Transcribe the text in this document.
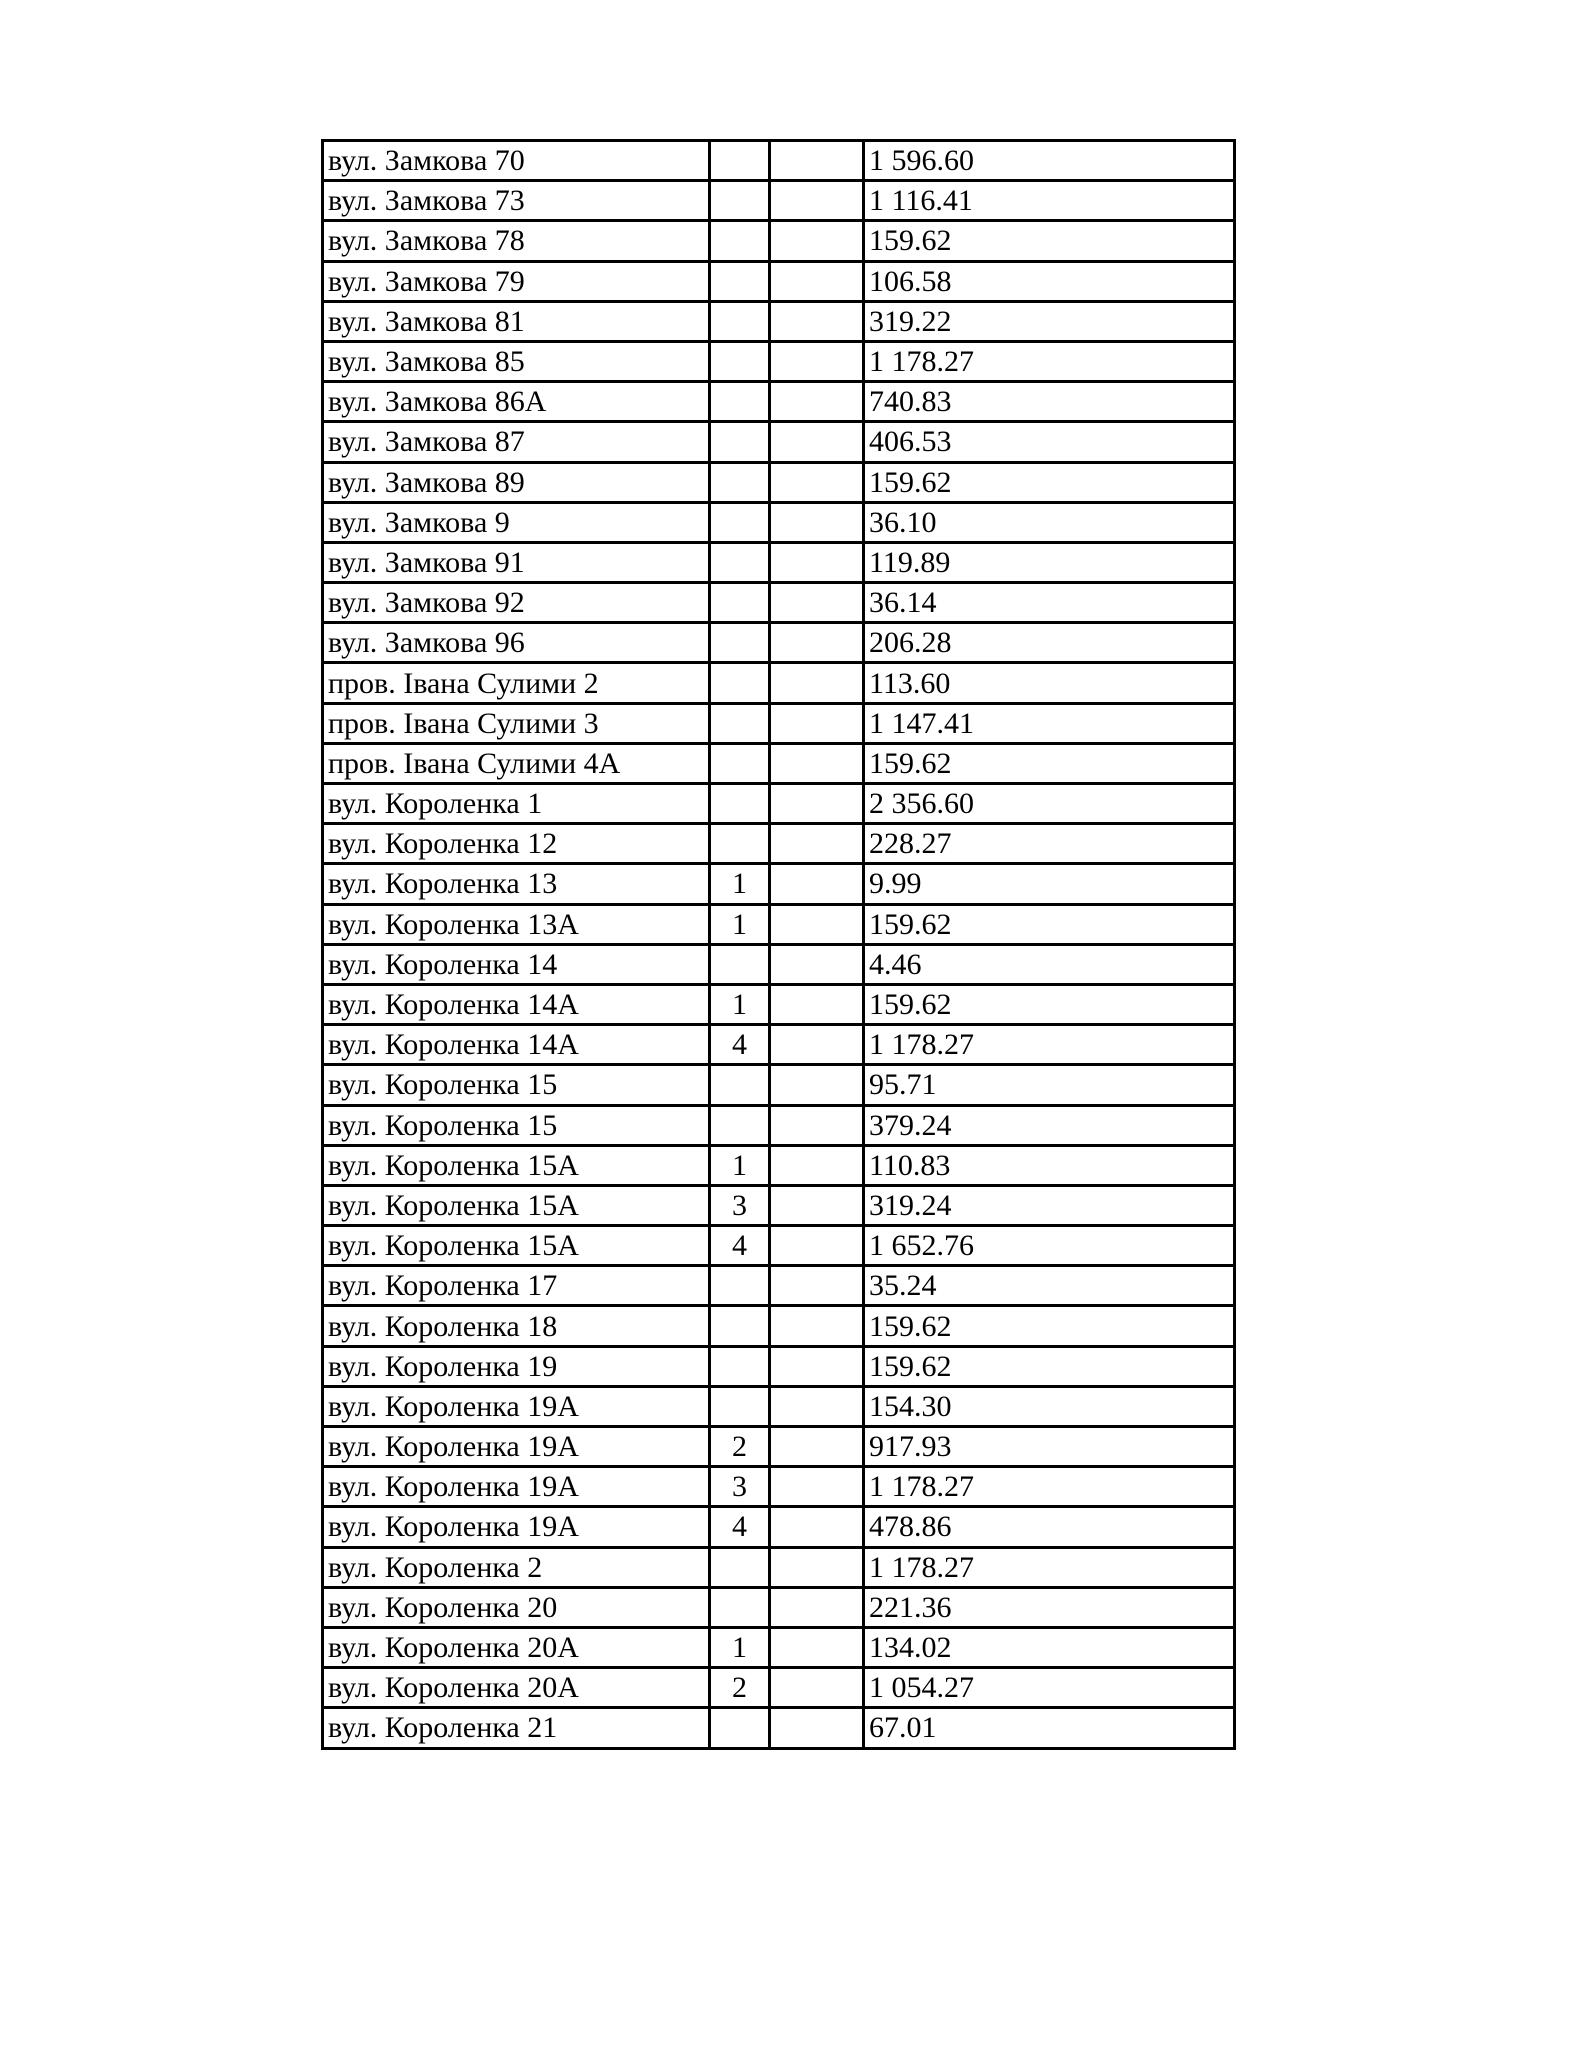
вул. Замкова 70			1 596.60
вул. Замкова 73			1 116.41
вул. Замкова 78			159.62
вул. Замкова 79			106.58
вул. Замкова 81			319.22
вул. Замкова 85			1 178.27
вул. Замкова 86А			740.83
вул. Замкова 87			406.53
вул. Замкова 89			159.62
вул. Замкова 9			36.10
вул. Замкова 91			119.89
вул. Замкова 92			36.14
вул. Замкова 96			206.28
пров. Івана Сулими 2			113.60
пров. Івана Сулими 3			1 147.41
пров. Івана Сулими 4А			159.62
вул. Короленка 1			2 356.60
вул. Короленка 12			228.27
вул. Короленка 13	1		9.99
вул. Короленка 13А	1		159.62
вул. Короленка 14			4.46
вул. Короленка 14А	1		159.62
вул. Короленка 14А	4		1 178.27
вул. Короленка 15			95.71
вул. Короленка 15			379.24
вул. Короленка 15А	1		110.83
вул. Короленка 15А	3		319.24
вул. Короленка 15А	4		1 652.76
вул. Короленка 17			35.24
вул. Короленка 18			159.62
вул. Короленка 19			159.62
вул. Короленка 19А			154.30
вул. Короленка 19А	2		917.93
вул. Короленка 19А	3		1 178.27
вул. Короленка 19А	4		478.86
вул. Короленка 2			1 178.27
вул. Короленка 20			221.36
вул. Короленка 20А	1		134.02
вул. Короленка 20А	2		1 054.27
вул. Короленка 21			67.01
